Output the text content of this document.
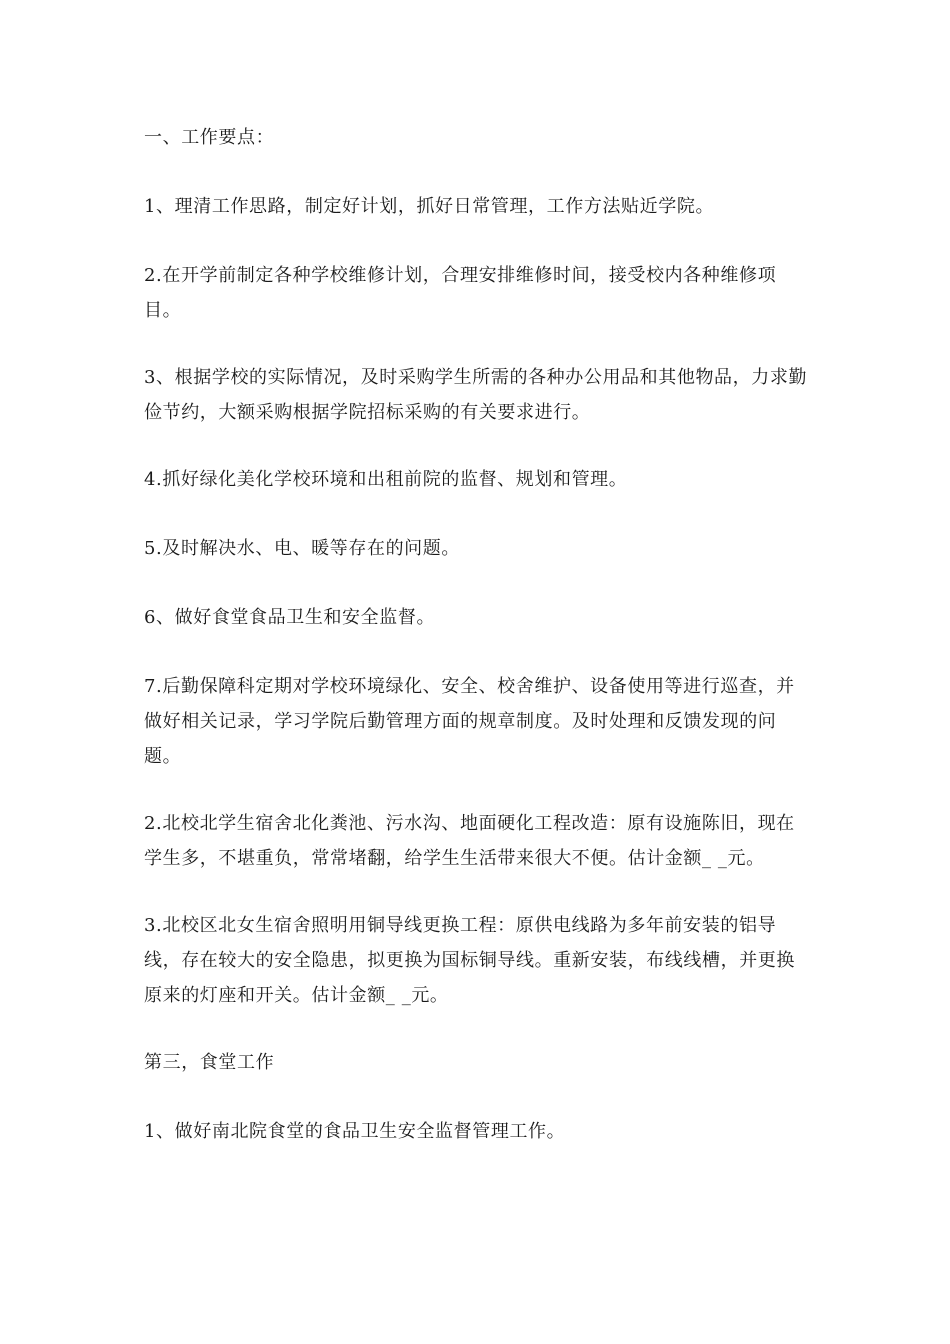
一、工作要点：

1、理清工作思路，制定好计划，抓好日常管理，工作方法贴近学院。

2.在开学前制定各种学校维修计划，合理安排维修时间，接受校内各种维修项目。

3、根据学校的实际情况，及时采购学生所需的各种办公用品和其他物品，力求勤俭节约，大额采购根据学院招标采购的有关要求进行。

4.抓好绿化美化学校环境和出租前院的监督、规划和管理。

5.及时解决水、电、暖等存在的问题。

6、做好食堂食品卫生和安全监督。

7.后勤保障科定期对学校环境绿化、安全、校舍维护、设备使用等进行巡查，并做好相关记录，学习学院后勤管理方面的规章制度。及时处理和反馈发现的问题。

2.北校北学生宿舍北化粪池、污水沟、地面硬化工程改造：原有设施陈旧，现在学生多，不堪重负，常常堵翻，给学生生活带来很大不便。估计金额_ _元。

3.北校区北女生宿舍照明用铜导线更换工程：原供电线路为多年前安装的铝导线，存在较大的安全隐患，拟更换为国标铜导线。重新安装，布线线槽，并更换原来的灯座和开关。估计金额_ _元。

第三，食堂工作

1、做好南北院食堂的食品卫生安全监督管理工作。
